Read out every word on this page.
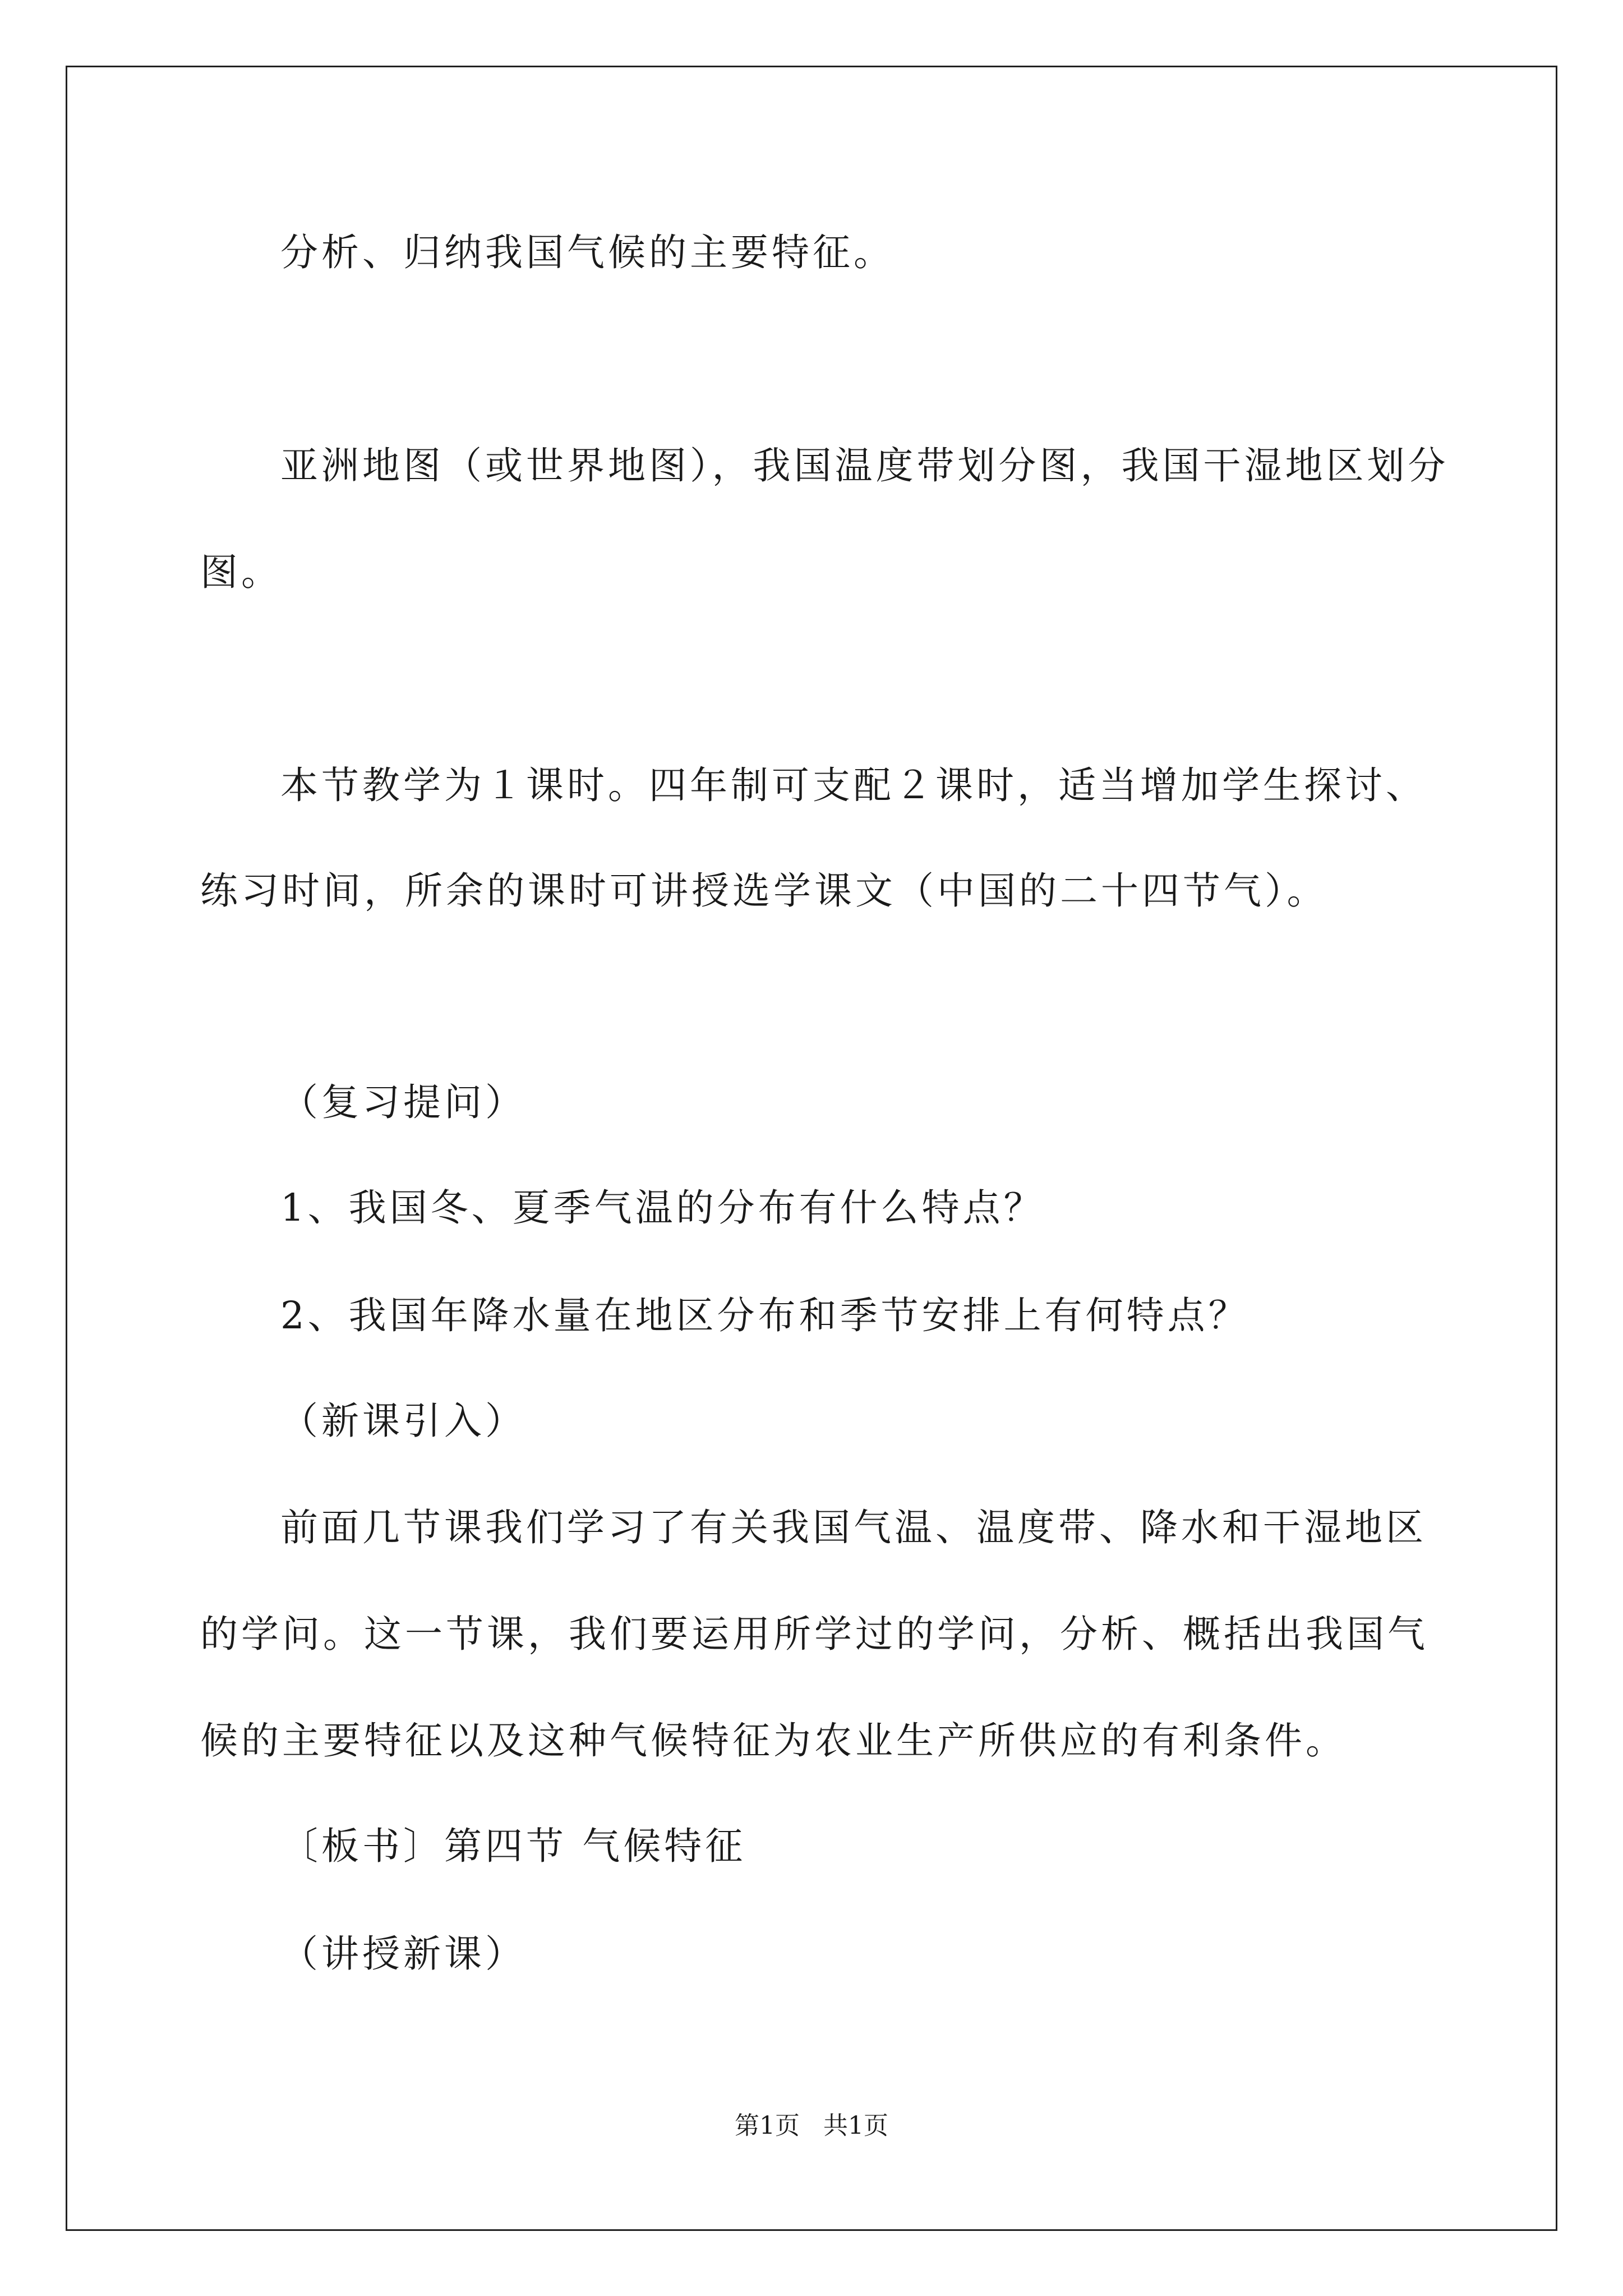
分析、归纳我国气候的主要特征。
亚洲地图（或世界地图），我国温度带划分图，我国干湿地区划分
图。
本节教学为１课时。四年制可支配２课时，适当增加学生探讨、
练习时间，所余的课时可讲授选学课文（中国的二十四节气）。
（复习提问）
1、我国冬、夏季气温的分布有什么特点？
2、我国年降水量在地区分布和季节安排上有何特点？
（新课引入）
前面几节课我们学习了有关我国气温、温度带、降水和干湿地区
的学问。这一节课，我们要运用所学过的学问，分析、概括出我国气
候的主要特征以及这种气候特征为农业生产所供应的有利条件。
〔板书〕第四节 气候特征
（讲授新课）
第1页 共1页
